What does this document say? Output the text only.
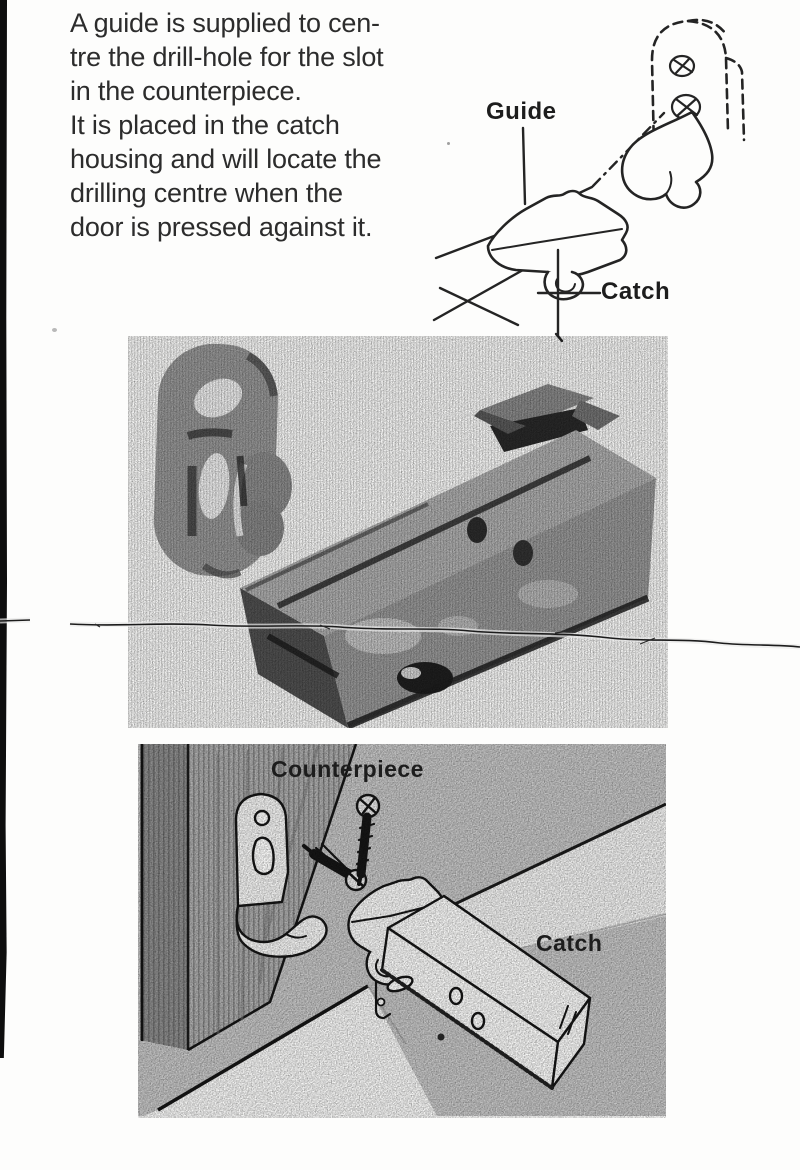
A guide is supplied to cen-
tre the drill-hole for the slot
in the counterpiece.
It is placed in the catch
housing and will locate the
drilling centre when the
door is pressed against it.
Guide
Catch
Counterpiece
Catch
